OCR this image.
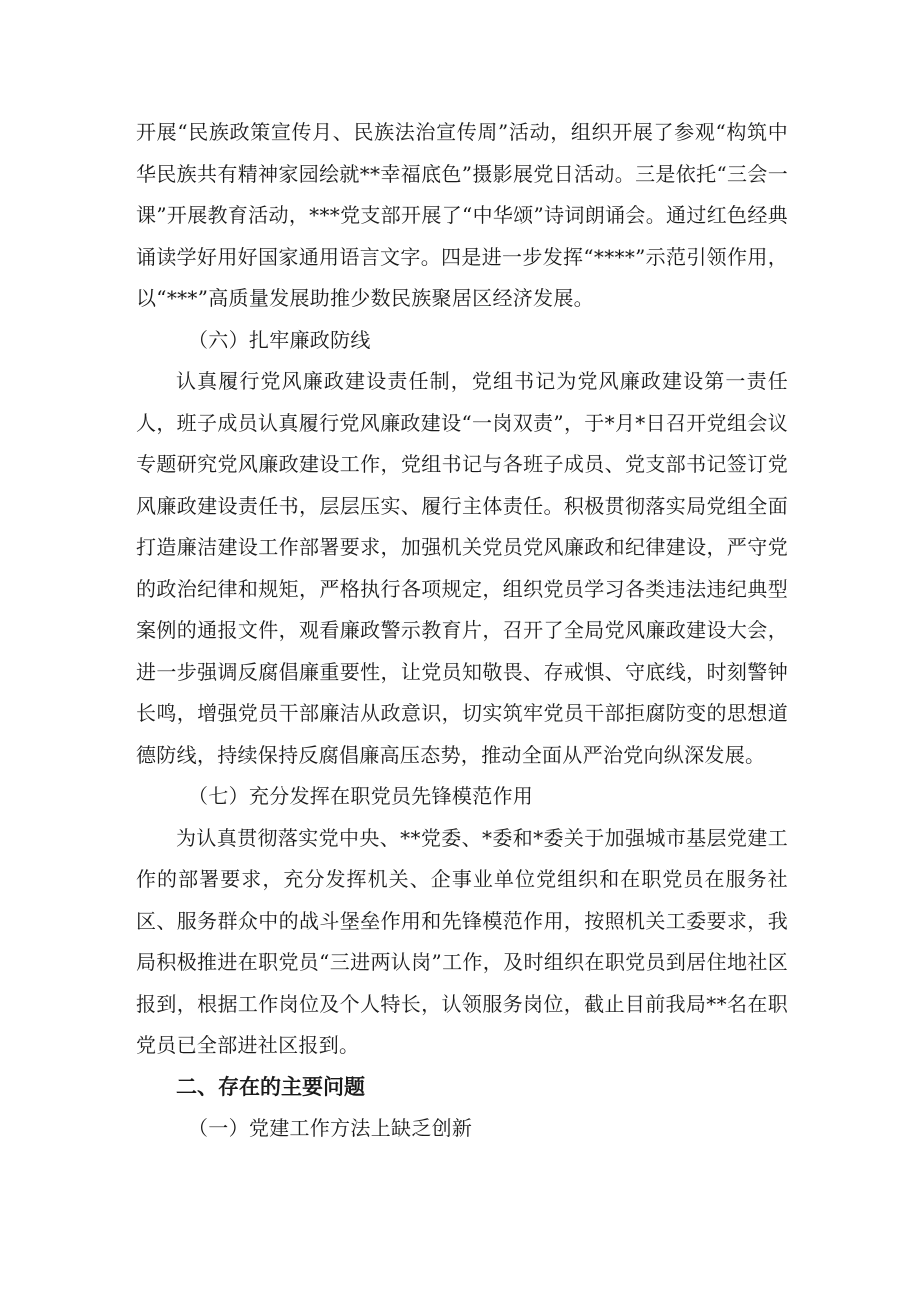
开展“民族政策宣传月、民族法治宣传周”活动，组织开展了参观“构筑中华民族共有精神家园绘就**幸福底色”摄影展党日活动。三是依托“三会一课”开展教育活动，***党支部开展了“中华颂”诗词朗诵会。通过红色经典诵读学好用好国家通用语言文字。四是进一步发挥“****”示范引领作用，以“***”高质量发展助推少数民族聚居区经济发展。

（六）扎牢廉政防线

认真履行党风廉政建设责任制，党组书记为党风廉政建设第一责任人，班子成员认真履行党风廉政建设“一岗双责”，于*月*日召开党组会议专题研究党风廉政建设工作，党组书记与各班子成员、党支部书记签订党风廉政建设责任书，层层压实、履行主体责任。积极贯彻落实局党组全面打造廉洁建设工作部署要求，加强机关党员党风廉政和纪律建设，严守党的政治纪律和规矩，严格执行各项规定，组织党员学习各类违法违纪典型案例的通报文件，观看廉政警示教育片，召开了全局党风廉政建设大会，进一步强调反腐倡廉重要性，让党员知敬畏、存戒惧、守底线，时刻警钟长鸣，增强党员干部廉洁从政意识，切实筑牢党员干部拒腐防变的思想道德防线，持续保持反腐倡廉高压态势，推动全面从严治党向纵深发展。

（七）充分发挥在职党员先锋模范作用

为认真贯彻落实党中央、**党委、*委和*委关于加强城市基层党建工作的部署要求，充分发挥机关、企事业单位党组织和在职党员在服务社区、服务群众中的战斗堡垒作用和先锋模范作用，按照机关工委要求，我局积极推进在职党员“三进两认岗”工作，及时组织在职党员到居住地社区报到，根据工作岗位及个人特长，认领服务岗位，截止目前我局**名在职党员已全部进社区报到。

二、存在的主要问题

（一）党建工作方法上缺乏创新
